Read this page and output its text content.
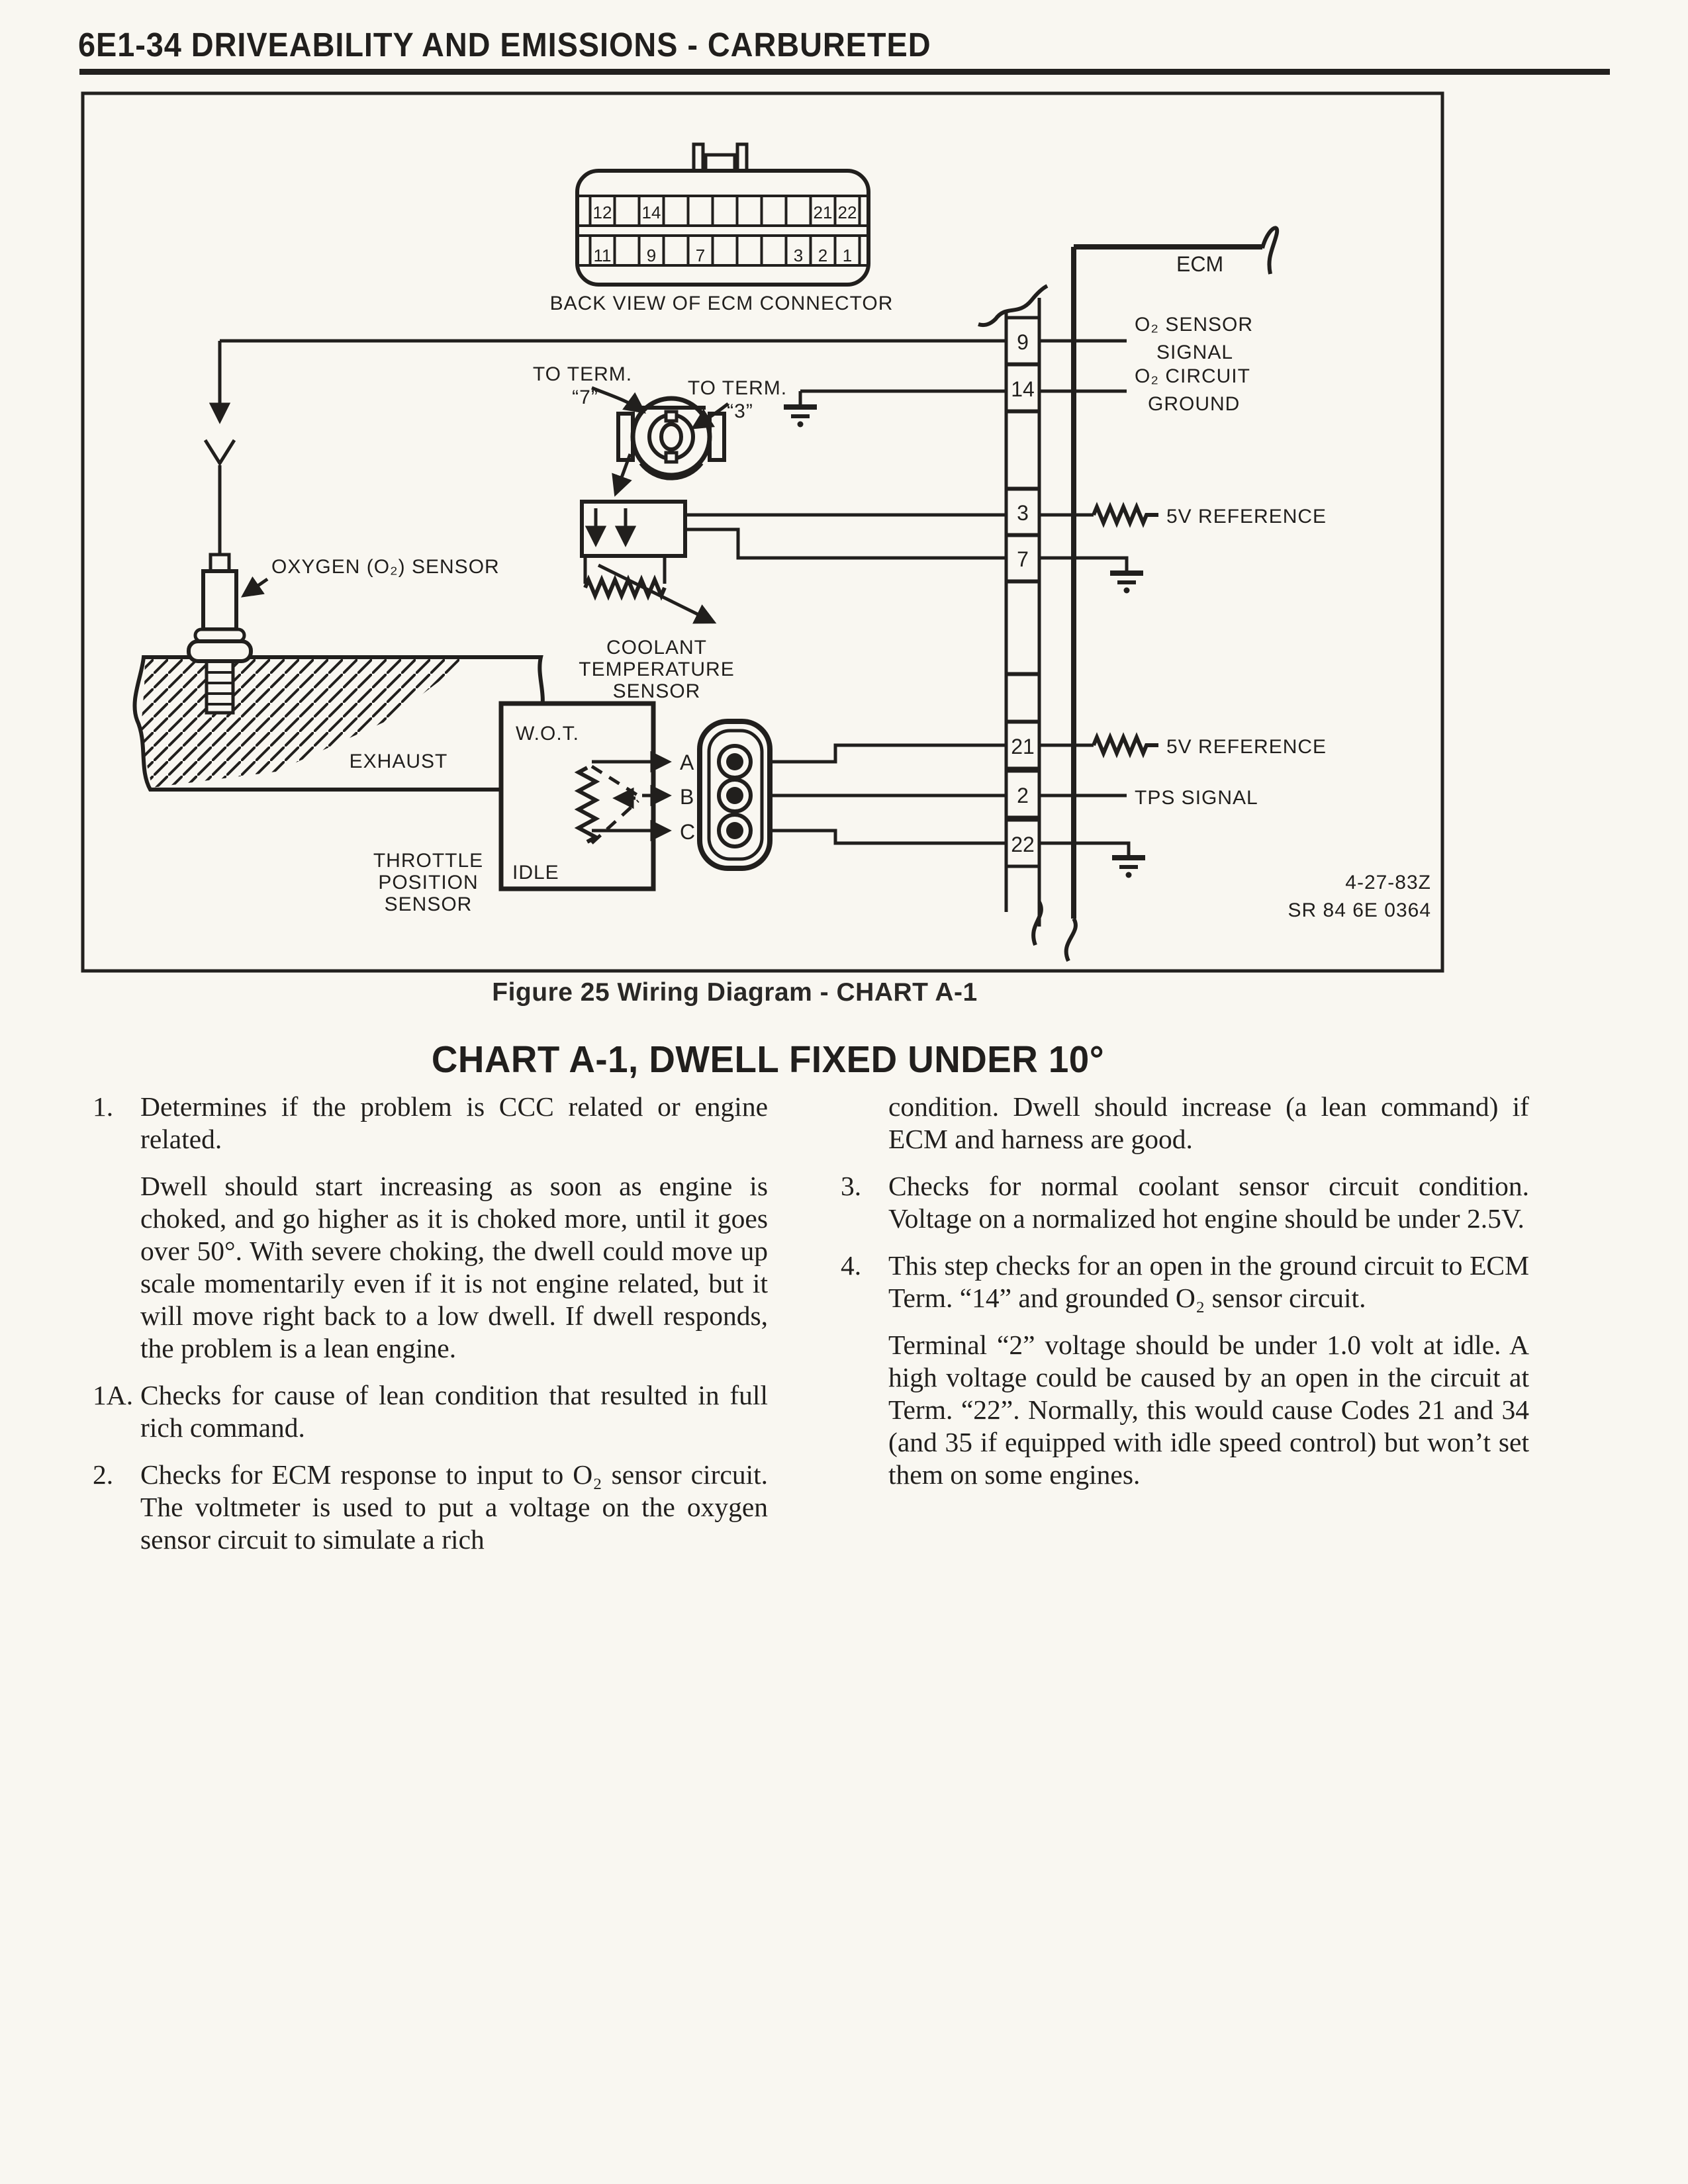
6E1-34 DRIVEABILITY AND EMISSIONS - CARBURETED
12 14	21 22
11 9 7	3 2 1
BACK VIEW OF ECM CONNECTOR
ECM
9
14
3
7
21
2
22
O₂ SENSOR
SIGNAL
O₂ CIRCUIT
GROUND
5V REFERENCE
5V REFERENCE
TPS SIGNAL
TO TERM.
“7”	TO TERM.
“3”
COOLANT
TEMPERATURE
SENSOR
OXYGEN (O₂) SENSOR
EXHAUST
W.O.T.
IDLE
THROTTLE
POSITION
SENSOR
A
B
C
4-27-83Z
SR 84 6E 0364
Figure 25 Wiring Diagram - CHART A-1
CHART A-1, DWELL FIXED UNDER 10°
1. Determines if the problem is CCC related or engine related.

Dwell should start increasing as soon as engine is choked, and go higher as it is choked more, until it goes over 50°. With severe choking, the dwell could move up scale momentarily even if it is not engine related, but it will move right back to a low dwell. If dwell responds, the problem is a lean engine.

1A. Checks for cause of lean condition that resulted in full rich command.

2. Checks for ECM response to input to O₂ sensor circuit. The voltmeter is used to put a voltage on the oxygen sensor circuit to simulate a rich

condition. Dwell should increase (a lean command) if ECM and harness are good.

3. Checks for normal coolant sensor circuit condition. Voltage on a normalized hot engine should be under 2.5V.

4. This step checks for an open in the ground circuit to ECM Term. “14” and grounded O₂ sensor circuit.

Terminal “2” voltage should be under 1.0 volt at idle. A high voltage could be caused by an open in the circuit at Term. “22”. Normally, this would cause Codes 21 and 34 (and 35 if equipped with idle speed control) but won’t set them on some engines.
